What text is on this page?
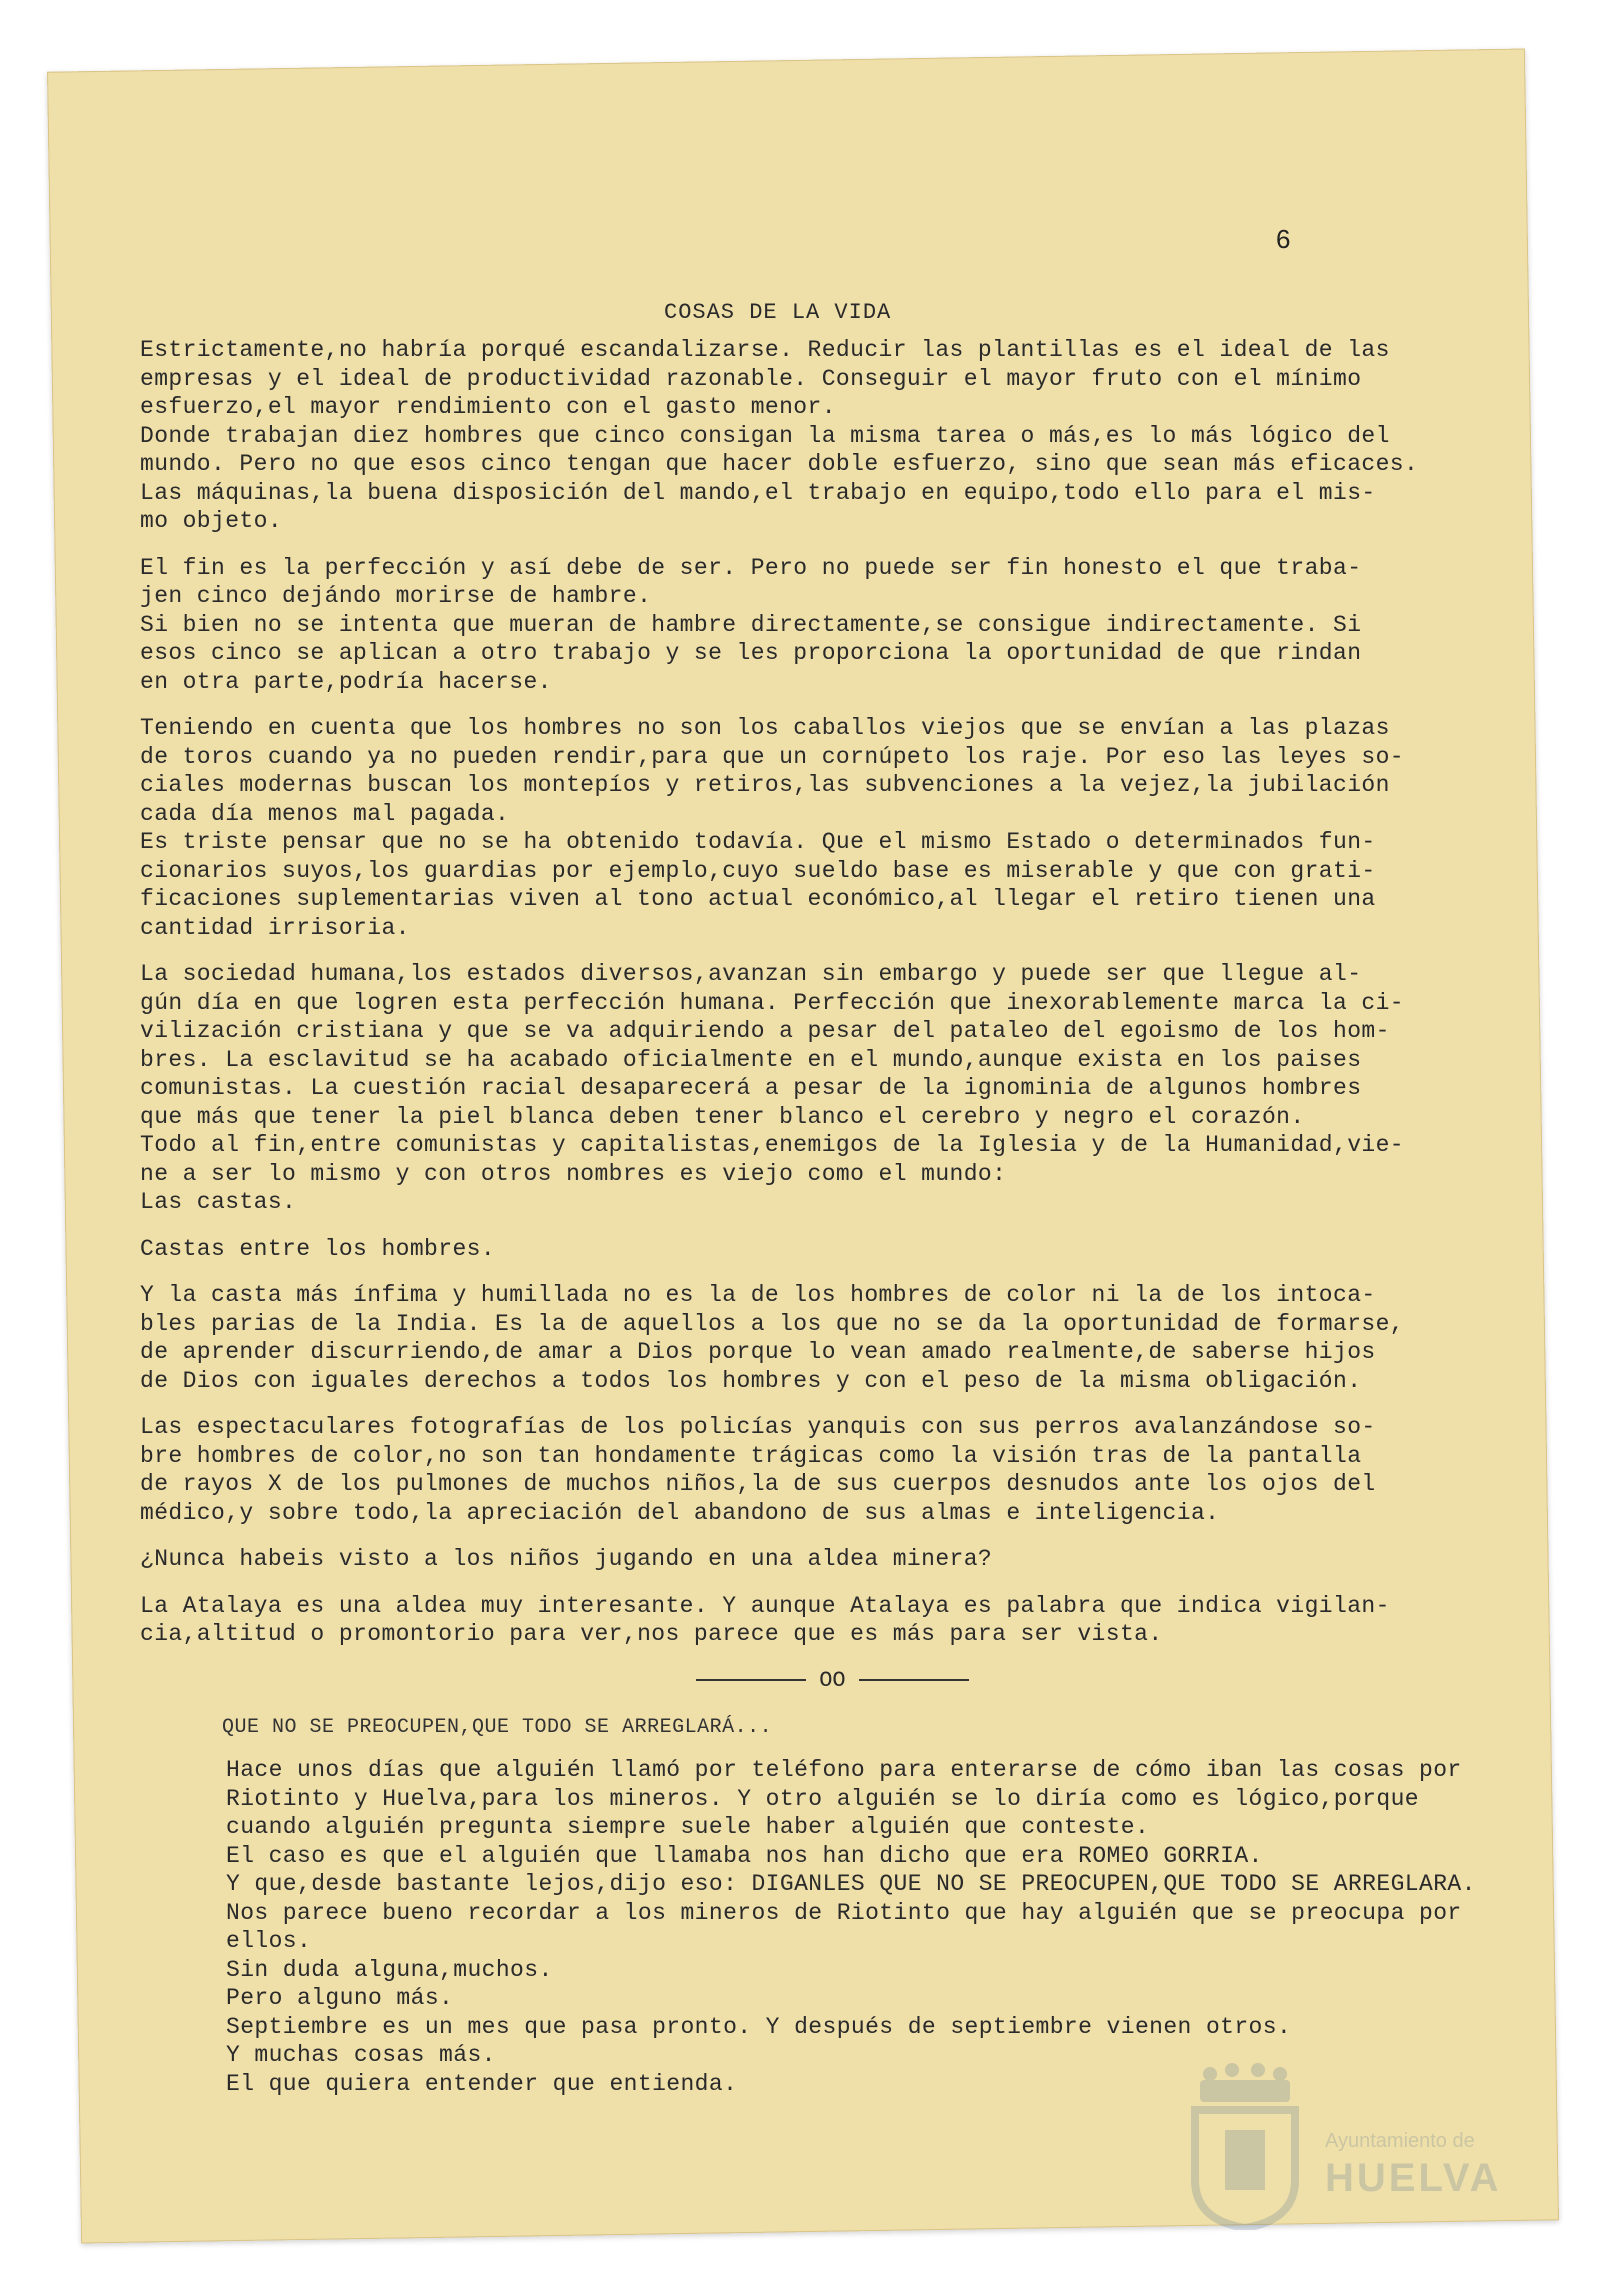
6
COSAS DE LA VIDA
Estrictamente,no habría porqué escandalizarse. Reducir las plantillas es el ideal de las
empresas y el ideal de productividad razonable. Conseguir el mayor fruto con el mínimo
esfuerzo,el mayor rendimiento con el gasto menor.
Donde trabajan diez hombres que cinco consigan la misma tarea o más,es lo más lógico del
mundo. Pero no que esos cinco tengan que hacer doble esfuerzo, sino que sean más eficaces.
Las máquinas,la buena disposición del mando,el trabajo en equipo,todo ello para el mis-
mo objeto.
El fin es la perfección y así debe de ser. Pero no puede ser fin honesto el que traba-
jen cinco dejándo morirse de hambre.
Si bien no se intenta que mueran de hambre directamente,se consigue indirectamente. Si
esos cinco se aplican a otro trabajo y se les proporciona la oportunidad de que rindan
en otra parte,podría hacerse.
Teniendo en cuenta que los hombres no son los caballos viejos que se envían a las plazas
de toros cuando ya no pueden rendir,para que un cornúpeto los raje. Por eso las leyes so-
ciales modernas buscan los montepíos y retiros,las subvenciones a la vejez,la jubilación
cada día menos mal pagada.
Es triste pensar que no se ha obtenido todavía. Que el mismo Estado o determinados fun-
cionarios suyos,los guardias por ejemplo,cuyo sueldo base es miserable y que con grati-
ficaciones suplementarias viven al tono actual económico,al llegar el retiro tienen una
cantidad irrisoria.
La sociedad humana,los estados diversos,avanzan sin embargo y puede ser que llegue al-
gún día en que logren esta perfección humana. Perfección que inexorablemente marca la ci-
vilización cristiana y que se va adquiriendo a pesar del pataleo del egoismo de los hom-
bres. La esclavitud se ha acabado oficialmente en el mundo,aunque exista en los paises
comunistas. La cuestión racial desaparecerá a pesar de la ignominia de algunos hombres
que más que tener la piel blanca deben tener blanco el cerebro y negro el corazón.
Todo al fin,entre comunistas y capitalistas,enemigos de la Iglesia y de la Humanidad,vie-
ne a ser lo mismo y con otros nombres es viejo como el mundo:
Las castas.
Castas entre los hombres.
Y la casta más ínfima y humillada no es la de los hombres de color ni la de los intoca-
bles parias de la India. Es la de aquellos a los que no se da la oportunidad de formarse,
de aprender discurriendo,de amar a Dios porque lo vean amado realmente,de saberse hijos
de Dios con iguales derechos a todos los hombres y con el peso de la misma obligación.
Las espectaculares fotografías de los policías yanquis con sus perros avalanzándose so-
bre hombres de color,no son tan hondamente trágicas como la visión tras de la pantalla
de rayos X de los pulmones de muchos niños,la de sus cuerpos desnudos ante los ojos del
médico,y sobre todo,la apreciación del abandono de sus almas e inteligencia.
¿Nunca habeis visto a los niños jugando en una aldea minera?
La Atalaya es una aldea muy interesante. Y aunque Atalaya es palabra que indica vigilan-
cia,altitud o promontorio para ver,nos parece que es más para ser vista.
OO
QUE NO SE PREOCUPEN,QUE TODO SE ARREGLARÁ...
Hace unos días que alguién llamó por teléfono para enterarse de cómo iban las cosas por
Riotinto y Huelva,para los mineros. Y otro alguién se lo diría como es lógico,porque
cuando alguién pregunta siempre suele haber alguién que conteste.
El caso es que el alguién que llamaba nos han dicho que era ROMEO GORRIA.
Y que,desde bastante lejos,dijo eso: DIGANLES QUE NO SE PREOCUPEN,QUE TODO SE ARREGLARA.
Nos parece bueno recordar a los mineros de Riotinto que hay alguién que se preocupa por
ellos.
Sin duda alguna,muchos.
Pero alguno más.
Septiembre es un mes que pasa pronto. Y después de septiembre vienen otros.
Y muchas cosas más.
El que quiera entender que entienda.
Ayuntamiento de
HUELVA
